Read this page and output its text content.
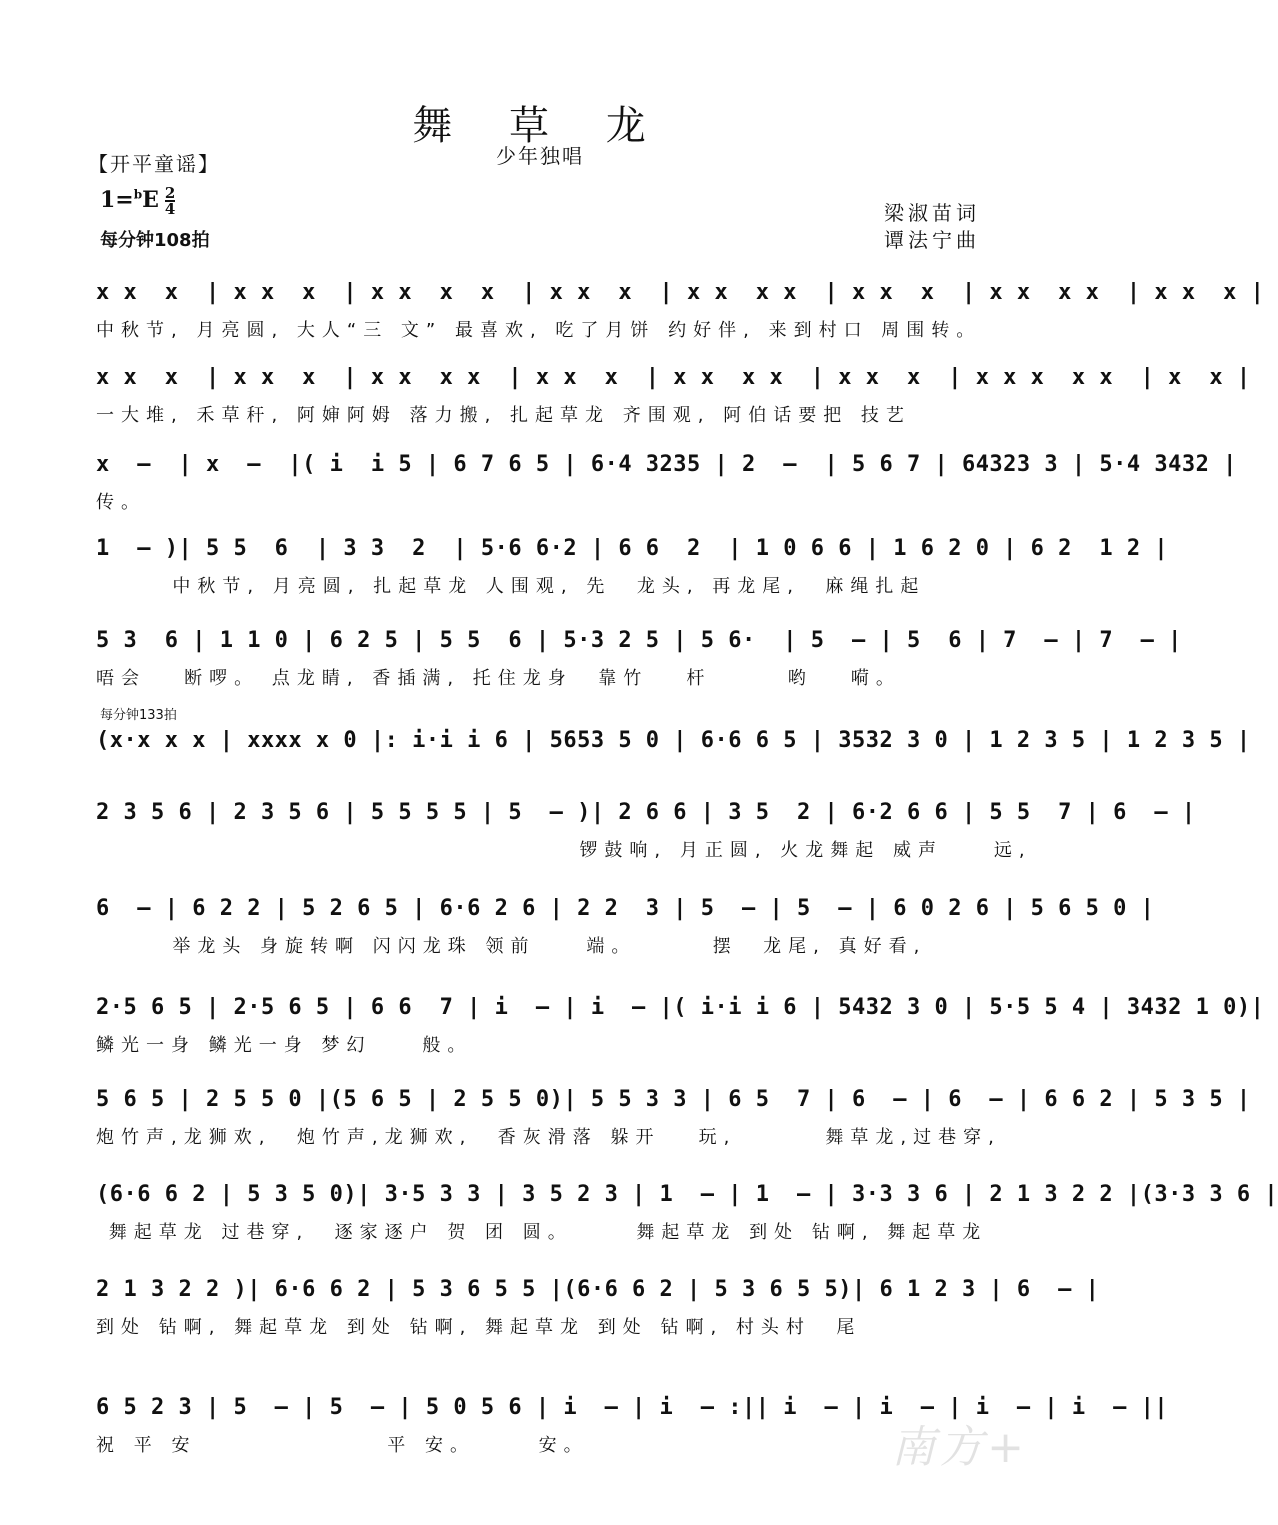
舞 草 龙
少年独唱
【开平童谣】
$1=^bE \frac{2}{4}$
每分钟108拍
梁淑苗词
谭法宁曲
每分钟133拍
x x  x  | x x  x  | x x  x  x  | x x  x  | x x  x x  | x x  x  | x x  x x  | x x  x |
中秋节, 月亮圆, 大人“三 文” 最喜欢, 吃了月饼 约好伴, 来到村口 周围转。
x x  x  | x x  x  | x x  x x  | x x  x  | x x  x x  | x x  x  | x x x  x x  | x  x |
一大堆, 禾草秆, 阿婶阿姆 落力搬, 扎起草龙 齐围观, 阿伯话要把 技艺
x  —  | x  —  |( i  i 5 | 6 7 6 5 | 6·4 3235 | 2  —  | 5 6 7 | 64323 3 | 5·4 3432 |
传。
1  — )| 5 5  6  | 3 3  2  | 5·6 6·2 | 6 6  2  | 1 0 6 6 | 1 6 2 0 | 6 2  1 2 |
中秋节, 月亮圆, 扎起草龙 人围观, 先  龙头, 再龙尾,  麻绳扎起
5 3  6 | 1 1 0 | 6 2 5 | 5 5  6 | 5·3 2 5 | 5 6·  | 5  — | 5  6 | 7  — | 7  — |
唔会   断啰。 点龙睛, 香插满, 托住龙身  靠竹   杆      哟   嗬。
(x·x x x | xxxx x 0 |: i·i i 6 | 5653 5 0 | 6·6 6 5 | 3532 3 0 | 1 2 3 5 | 1 2 3 5 |
2 3 5 6 | 2 3 5 6 | 5 5 5 5 | 5  — )| 2 6 6 | 3 5  2 | 6·2 6 6 | 5 5  7 | 6  — |
锣鼓响, 月正圆, 火龙舞起 威声    远,
6  — | 6 2 2 | 5 2 6 5 | 6·6 2 6 | 2 2  3 | 5  — | 5  — | 6 0 2 6 | 5 6 5 0 |
举龙头 身旋转啊 闪闪龙珠 领前    端。      摆  龙尾, 真好看,
2·5 6 5 | 2·5 6 5 | 6 6  7 | i  — | i  — |( i·i i 6 | 5432 3 0 | 5·5 5 4 | 3432 1 0)|
鳞光一身 鳞光一身 梦幻    般。
5 6 5 | 2 5 5 0 |(5 6 5 | 2 5 5 0)| 5 5 3 3 | 6 5  7 | 6  — | 6  — | 6 6 2 | 5 3 5 |
炮竹声,龙狮欢,  炮竹声,龙狮欢,  香灰滑落 躲开   玩,       舞草龙,过巷穿,
(6·6 6 2 | 5 3 5 0)| 3·5 3 3 | 3 5 2 3 | 1  — | 1  — | 3·3 3 6 | 2 1 3 2 2 |(3·3 3 6 |
舞起草龙 过巷穿,  逐家逐户 贺 团 圆。     舞起草龙 到处 钻啊, 舞起草龙
2 1 3 2 2 )| 6·6 6 2 | 5 3 6 5 5 |(6·6 6 2 | 5 3 6 5 5)| 6 1 2 3 | 6  — |
到处 钻啊, 舞起草龙 到处 钻啊, 舞起草龙 到处 钻啊, 村头村  尾
6 5 2 3 | 5  — | 5  — | 5 0 5 6 | i  — | i  — :|| i  — | i  — | i  — | i  — ||
祝 平 安               平 安。     安。	南方+
